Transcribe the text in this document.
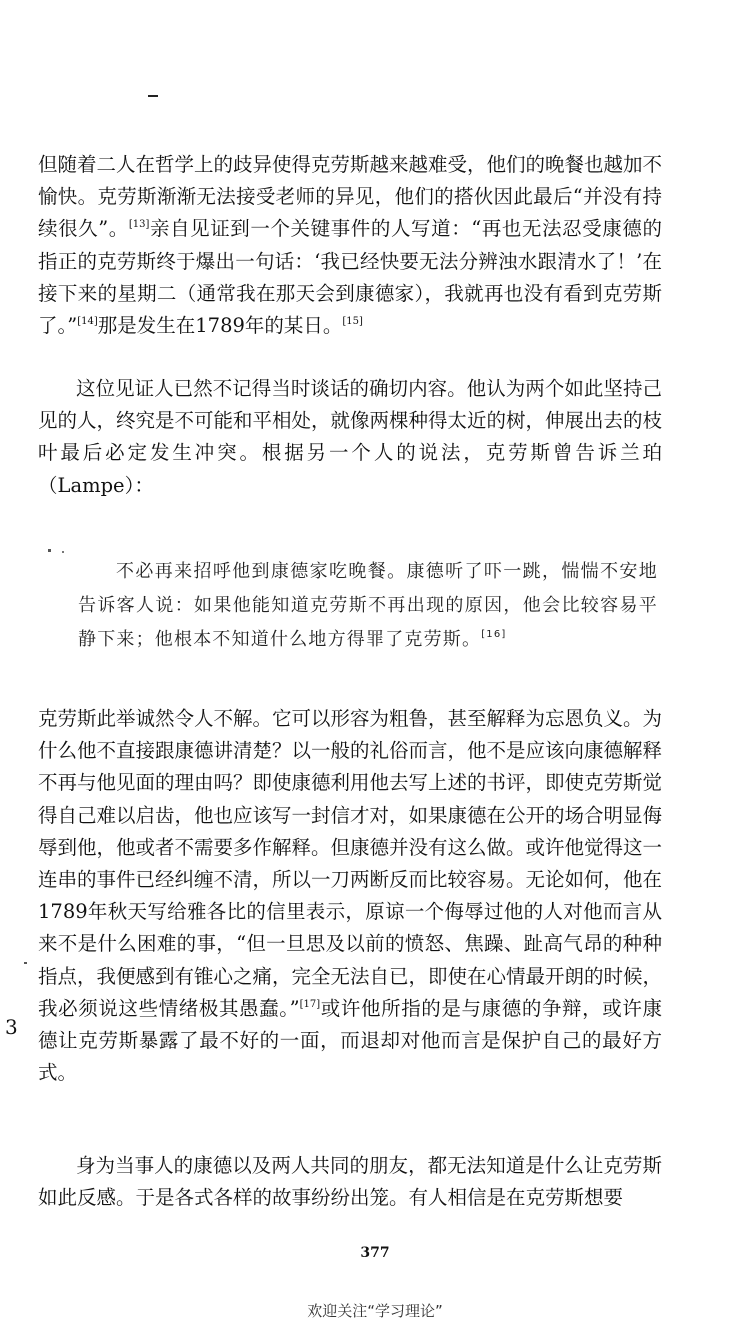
但随着二人在哲学上的歧异使得克劳斯越来越难受，他们的晚餐也越加不愉快。克劳斯渐渐无法接受老师的异见，他们的搭伙因此最后“并没有持续很久”。[13]亲自见证到一个关键事件的人写道：“再也无法忍受康德的指正的克劳斯终于爆出一句话：‘我已经快要无法分辨浊水跟清水了！’在接下来的星期二（通常我在那天会到康德家），我就再也没有看到克劳斯了。”[14]那是发生在1789年的某日。[15]

这位见证人已然不记得当时谈话的确切内容。他认为两个如此坚持己见的人，终究是不可能和平相处，就像两棵种得太近的树，伸展出去的枝叶最后必定发生冲突。根据另一个人的说法，克劳斯曾告诉兰珀（Lampe）：

不必再来招呼他到康德家吃晚餐。康德听了吓一跳，惴惴不安地告诉客人说：如果他能知道克劳斯不再出现的原因，他会比较容易平静下来；他根本不知道什么地方得罪了克劳斯。[16]

克劳斯此举诚然令人不解。它可以形容为粗鲁，甚至解释为忘恩负义。为什么他不直接跟康德讲清楚？以一般的礼俗而言，他不是应该向康德解释不再与他见面的理由吗？即使康德利用他去写上述的书评，即使克劳斯觉得自己难以启齿，他也应该写一封信才对，如果康德在公开的场合明显侮辱到他，他或者不需要多作解释。但康德并没有这么做。或许他觉得这一连串的事件已经纠缠不清，所以一刀两断反而比较容易。无论如何，他在1789年秋天写给雅各比的信里表示，原谅一个侮辱过他的人对他而言从来不是什么困难的事，“但一旦思及以前的愤怒、焦躁、趾高气昂的种种指点，我便感到有锥心之痛，完全无法自已，即使在心情最开朗的时候，我必须说这些情绪极其愚蠢。”[17]或许他所指的是与康德的争辩，或许康德让克劳斯暴露了最不好的一面，而退却对他而言是保护自己的最好方式。

身为当事人的康德以及两人共同的朋友，都无法知道是什么让克劳斯如此反感。于是各式各样的故事纷纷出笼。有人相信是在克劳斯想要

3
377
欢迎关注“学习理论”
